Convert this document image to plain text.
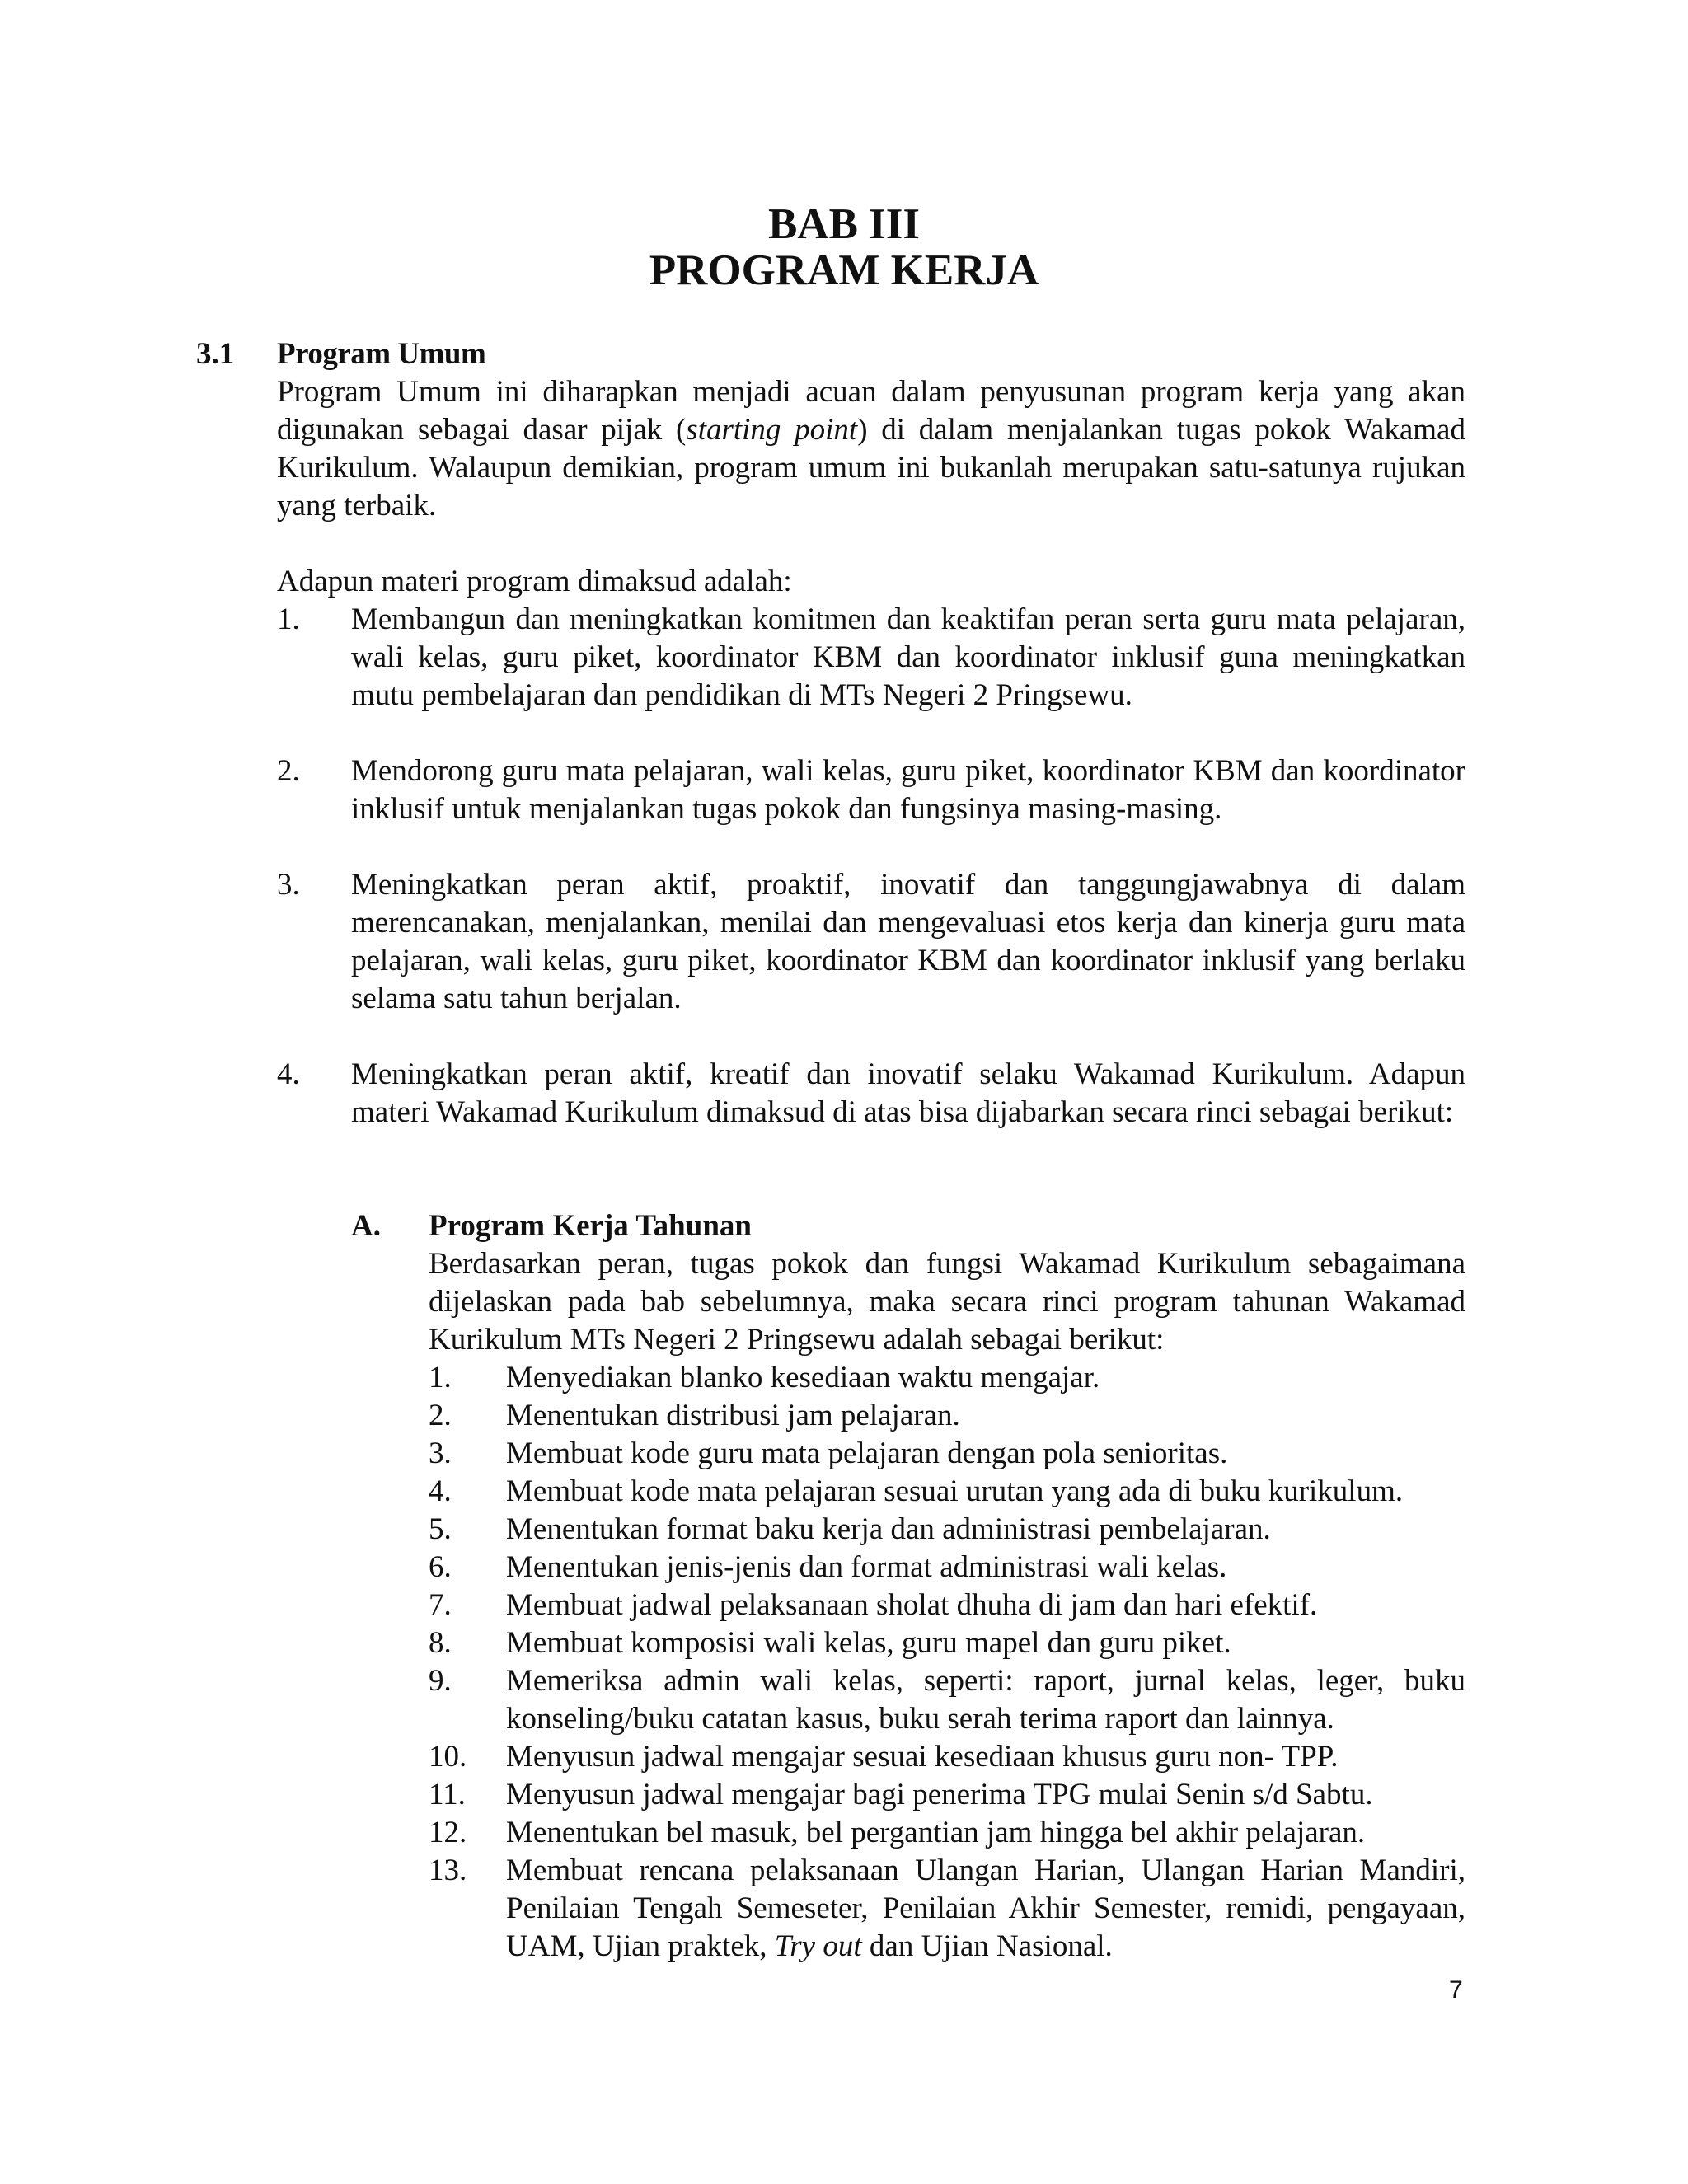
BAB III
PROGRAM KERJA
3.1 Program Umum

Program Umum ini diharapkan menjadi acuan dalam penyusunan program kerja yang akan digunakan sebagai dasar pijak (starting point) di dalam menjalankan tugas pokok Wakamad Kurikulum. Walaupun demikian, program umum ini bukanlah merupakan satu-satunya rujukan yang terbaik.

Adapun materi program dimaksud adalah:

1.	Membangun dan meningkatkan komitmen dan keaktifan peran serta guru mata pelajaran, wali kelas, guru piket, koordinator KBM dan koordinator inklusif guna meningkatkan mutu pembelajaran dan pendidikan di MTs Negeri 2 Pringsewu.

2.	Mendorong guru mata pelajaran, wali kelas, guru piket, koordinator KBM dan koordinator inklusif untuk menjalankan tugas pokok dan fungsinya masing-masing.

3.	Meningkatkan peran aktif, proaktif, inovatif dan tanggungjawabnya di dalam merencanakan, menjalankan, menilai dan mengevaluasi etos kerja dan kinerja guru mata pelajaran, wali kelas, guru piket, koordinator KBM dan koordinator inklusif yang berlaku selama satu tahun berjalan.

4.	Meningkatkan peran aktif, kreatif dan inovatif selaku Wakamad Kurikulum. Adapun materi Wakamad Kurikulum dimaksud di atas bisa dijabarkan secara rinci sebagai berikut:

A. Program Kerja Tahunan

Berdasarkan peran, tugas pokok dan fungsi Wakamad Kurikulum sebagaimana dijelaskan pada bab sebelumnya, maka secara rinci program tahunan Wakamad Kurikulum MTs Negeri 2 Pringsewu adalah sebagai berikut:

1.	Menyediakan blanko kesediaan waktu mengajar.
2.	Menentukan distribusi jam pelajaran.
3.	Membuat kode guru mata pelajaran dengan pola senioritas.
4.	Membuat kode mata pelajaran sesuai urutan yang ada di buku kurikulum.
5.	Menentukan format baku kerja dan administrasi pembelajaran.
6.	Menentukan jenis-jenis dan format administrasi wali kelas.
7.	Membuat jadwal pelaksanaan sholat dhuha di jam dan hari efektif.
8.	Membuat komposisi wali kelas, guru mapel dan guru piket.
9.	Memeriksa admin wali kelas, seperti: raport, jurnal kelas, leger, buku konseling/buku catatan kasus, buku serah terima raport dan lainnya.
10.	Menyusun jadwal mengajar sesuai kesediaan khusus guru non- TPP.
11.	Menyusun jadwal mengajar bagi penerima TPG mulai Senin s/d Sabtu.
12.	Menentukan bel masuk, bel pergantian jam hingga bel akhir pelajaran.
13.	Membuat rencana pelaksanaan Ulangan Harian, Ulangan Harian Mandiri, Penilaian Tengah Semeseter, Penilaian Akhir Semester, remidi, pengayaan, UAM, Ujian praktek, Try out dan Ujian Nasional.
7
